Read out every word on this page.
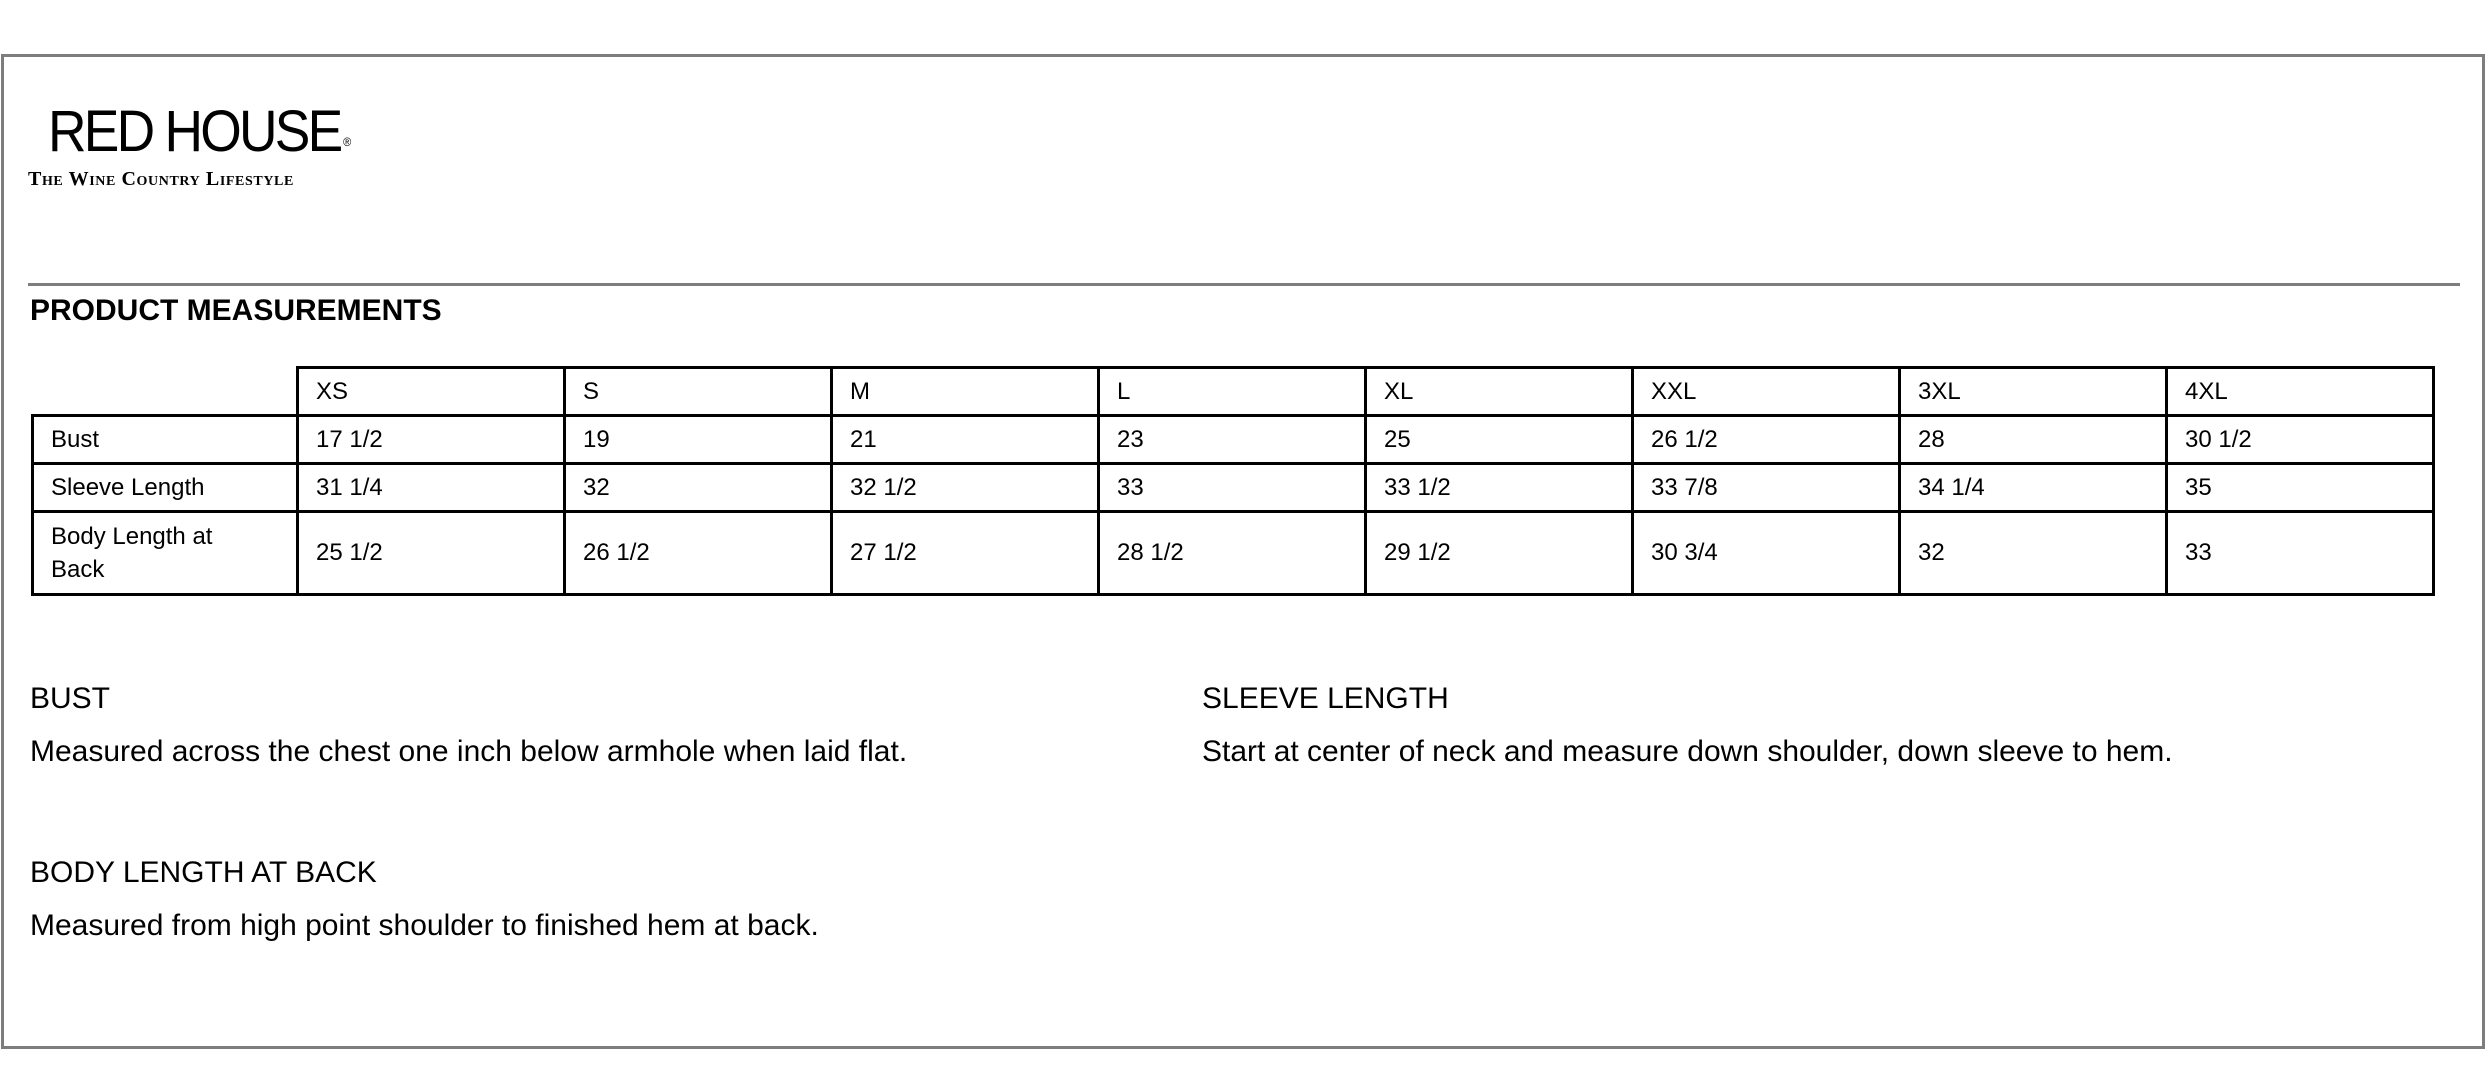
RED HOUSE ®
The Wine Country Lifestyle
PRODUCT MEASUREMENTS
	XS	S	M	L	XL	XXL	3XL	4XL
Bust	17 1/2	19	21	23	25	26 1/2	28	30 1/2
Sleeve Length	31 1/4	32	32 1/2	33	33 1/2	33 7/8	34 1/4	35

Body Length at Back	25 1/2	26 1/2	27 1/2	28 1/2	29 1/2	30 3/4	32	33
BUST
Measured across the chest one inch below armhole when laid flat.
SLEEVE LENGTH
Start at center of neck and measure down shoulder, down sleeve to hem.
BODY LENGTH AT BACK
Measured from high point shoulder to finished hem at back.
